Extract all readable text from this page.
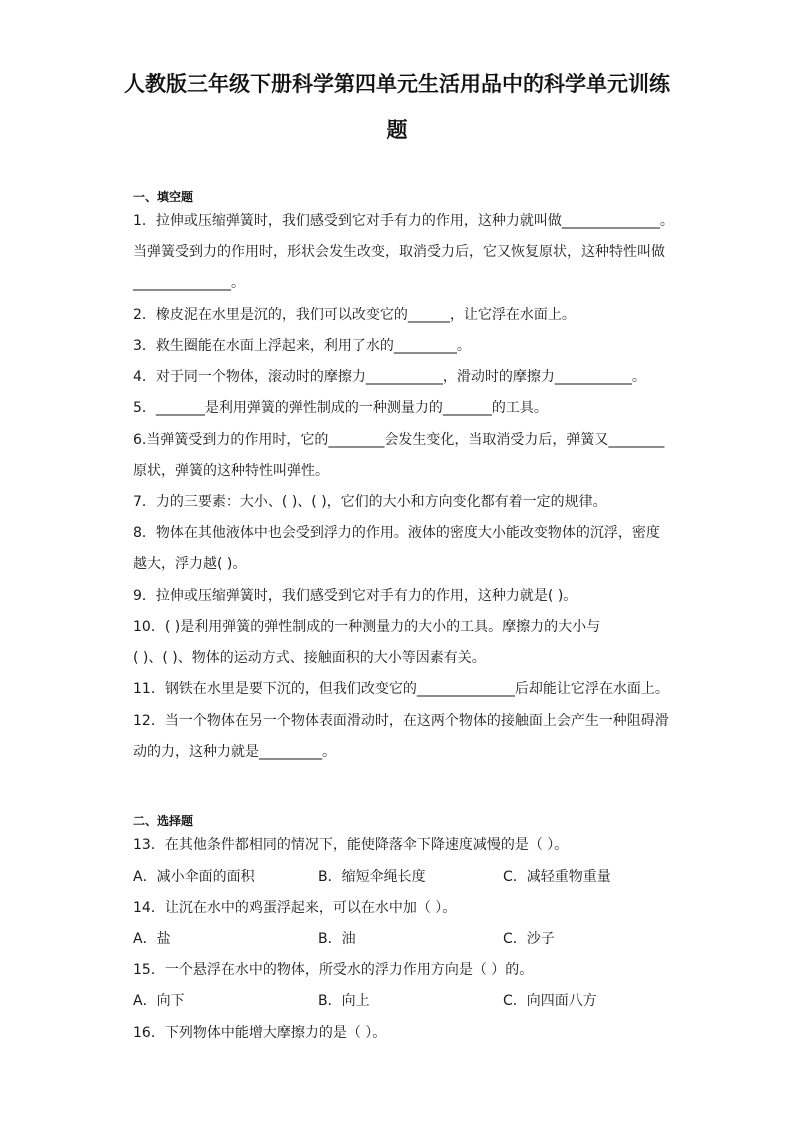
人教版三年级下册科学第四单元生活用品中的科学单元训练
题
一、填空题
1．拉伸或压缩弹簧时，我们感受到它对手有力的作用，这种力就叫做______________。
当弹簧受到力的作用时，形状会发生改变，取消受力后，它又恢复原状，这种特性叫做
______________。
2．橡皮泥在水里是沉的，我们可以改变它的______，让它浮在水面上。
3．救生圈能在水面上浮起来，利用了水的_________。
4．对于同一个物体，滚动时的摩擦力___________，滑动时的摩擦力___________。
5．_______是利用弹簧的弹性制成的一种测量力的_______的工具。
6.当弹簧受到力的作用时，它的________会发生变化，当取消受力后，弹簧又________
原状，弹簧的这种特性叫弹性。
7．力的三要素：大小、( )、( )，它们的大小和方向变化都有着一定的规律。
8．物体在其他液体中也会受到浮力的作用。液体的密度大小能改变物体的沉浮，密度
越大，浮力越( )。
9．拉伸或压缩弹簧时，我们感受到它对手有力的作用，这种力就是( )。
10．( )是利用弹簧的弹性制成的一种测量力的大小的工具。摩擦力的大小与
( )、( )、物体的运动方式、接触面积的大小等因素有关。
11．钢铁在水里是要下沉的，但我们改变它的______________后却能让它浮在水面上。
12．当一个物体在另一个物体表面滑动时，在这两个物体的接触面上会产生一种阻碍滑
动的力，这种力就是_________。
二、选择题
13．在其他条件都相同的情况下，能使降落伞下降速度减慢的是（ ）。
A．减小伞面的面积	B．缩短伞绳长度	C．减轻重物重量
14．让沉在水中的鸡蛋浮起来，可以在水中加（ ）。
A．盐	B．油	C．沙子
15．一个悬浮在水中的物体，所受水的浮力作用方向是（ ）的。
A．向下	B．向上	C．向四面八方
16．下列物体中能增大摩擦力的是（ ）。
